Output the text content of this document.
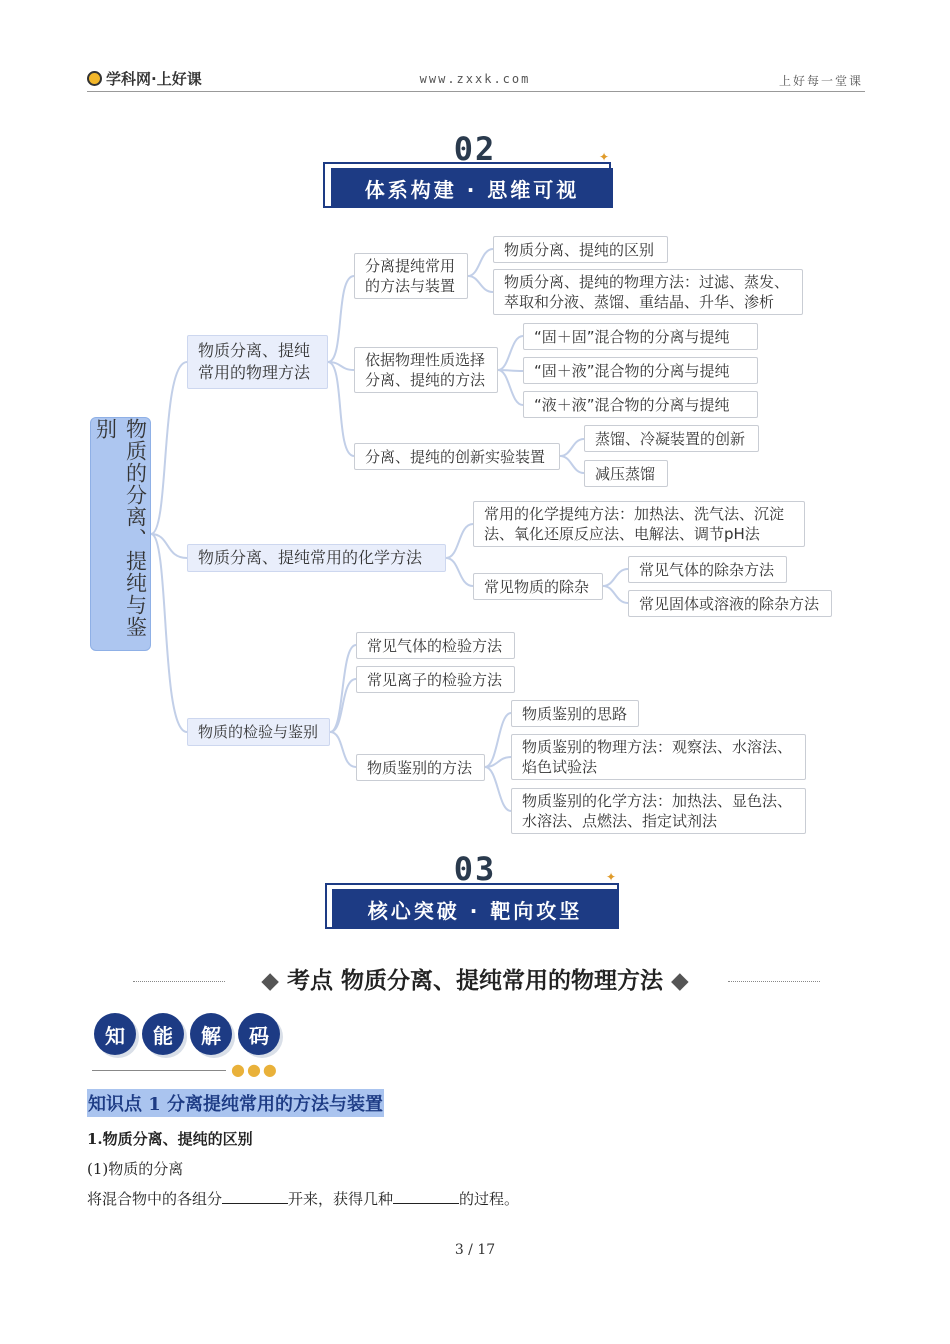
学科网·上好课	www.zxxk.com	上好每一堂课
02
体系构建 · 思维可视
✦
物质的分离、提纯与鉴别
物质分离、提纯常用的物理方法
分离提纯常用的方法与装置
物质分离、提纯的区别
物质分离、提纯的物理方法：过滤、蒸发、萃取和分液、蒸馏、重结晶、升华、渗析
依据物理性质选择分离、提纯的方法
“固＋固”混合物的分离与提纯
“固＋液”混合物的分离与提纯
“液＋液”混合物的分离与提纯
分离、提纯的创新实验装置
蒸馏、冷凝装置的创新
减压蒸馏
物质分离、提纯常用的化学方法
常用的化学提纯方法：加热法、洗气法、沉淀法、氧化还原反应法、电解法、调节pH法
常见物质的除杂
常见气体的除杂方法
常见固体或溶液的除杂方法
物质的检验与鉴别
常见气体的检验方法
常见离子的检验方法
物质鉴别的方法
物质鉴别的思路
物质鉴别的物理方法：观察法、水溶法、焰色试验法
物质鉴别的化学方法：加热法、显色法、水溶法、点燃法、指定试剂法
03
核心突破 · 靶向攻坚
✦
◆ 考点 物质分离、提纯常用的物理方法 ◆
知	能	解	码
●●●
知识点 1 分离提纯常用的方法与装置
1.物质分离、提纯的区别
(1)物质的分离
将混合物中的各组分	开来，获得几种	的过程。
3 / 17
